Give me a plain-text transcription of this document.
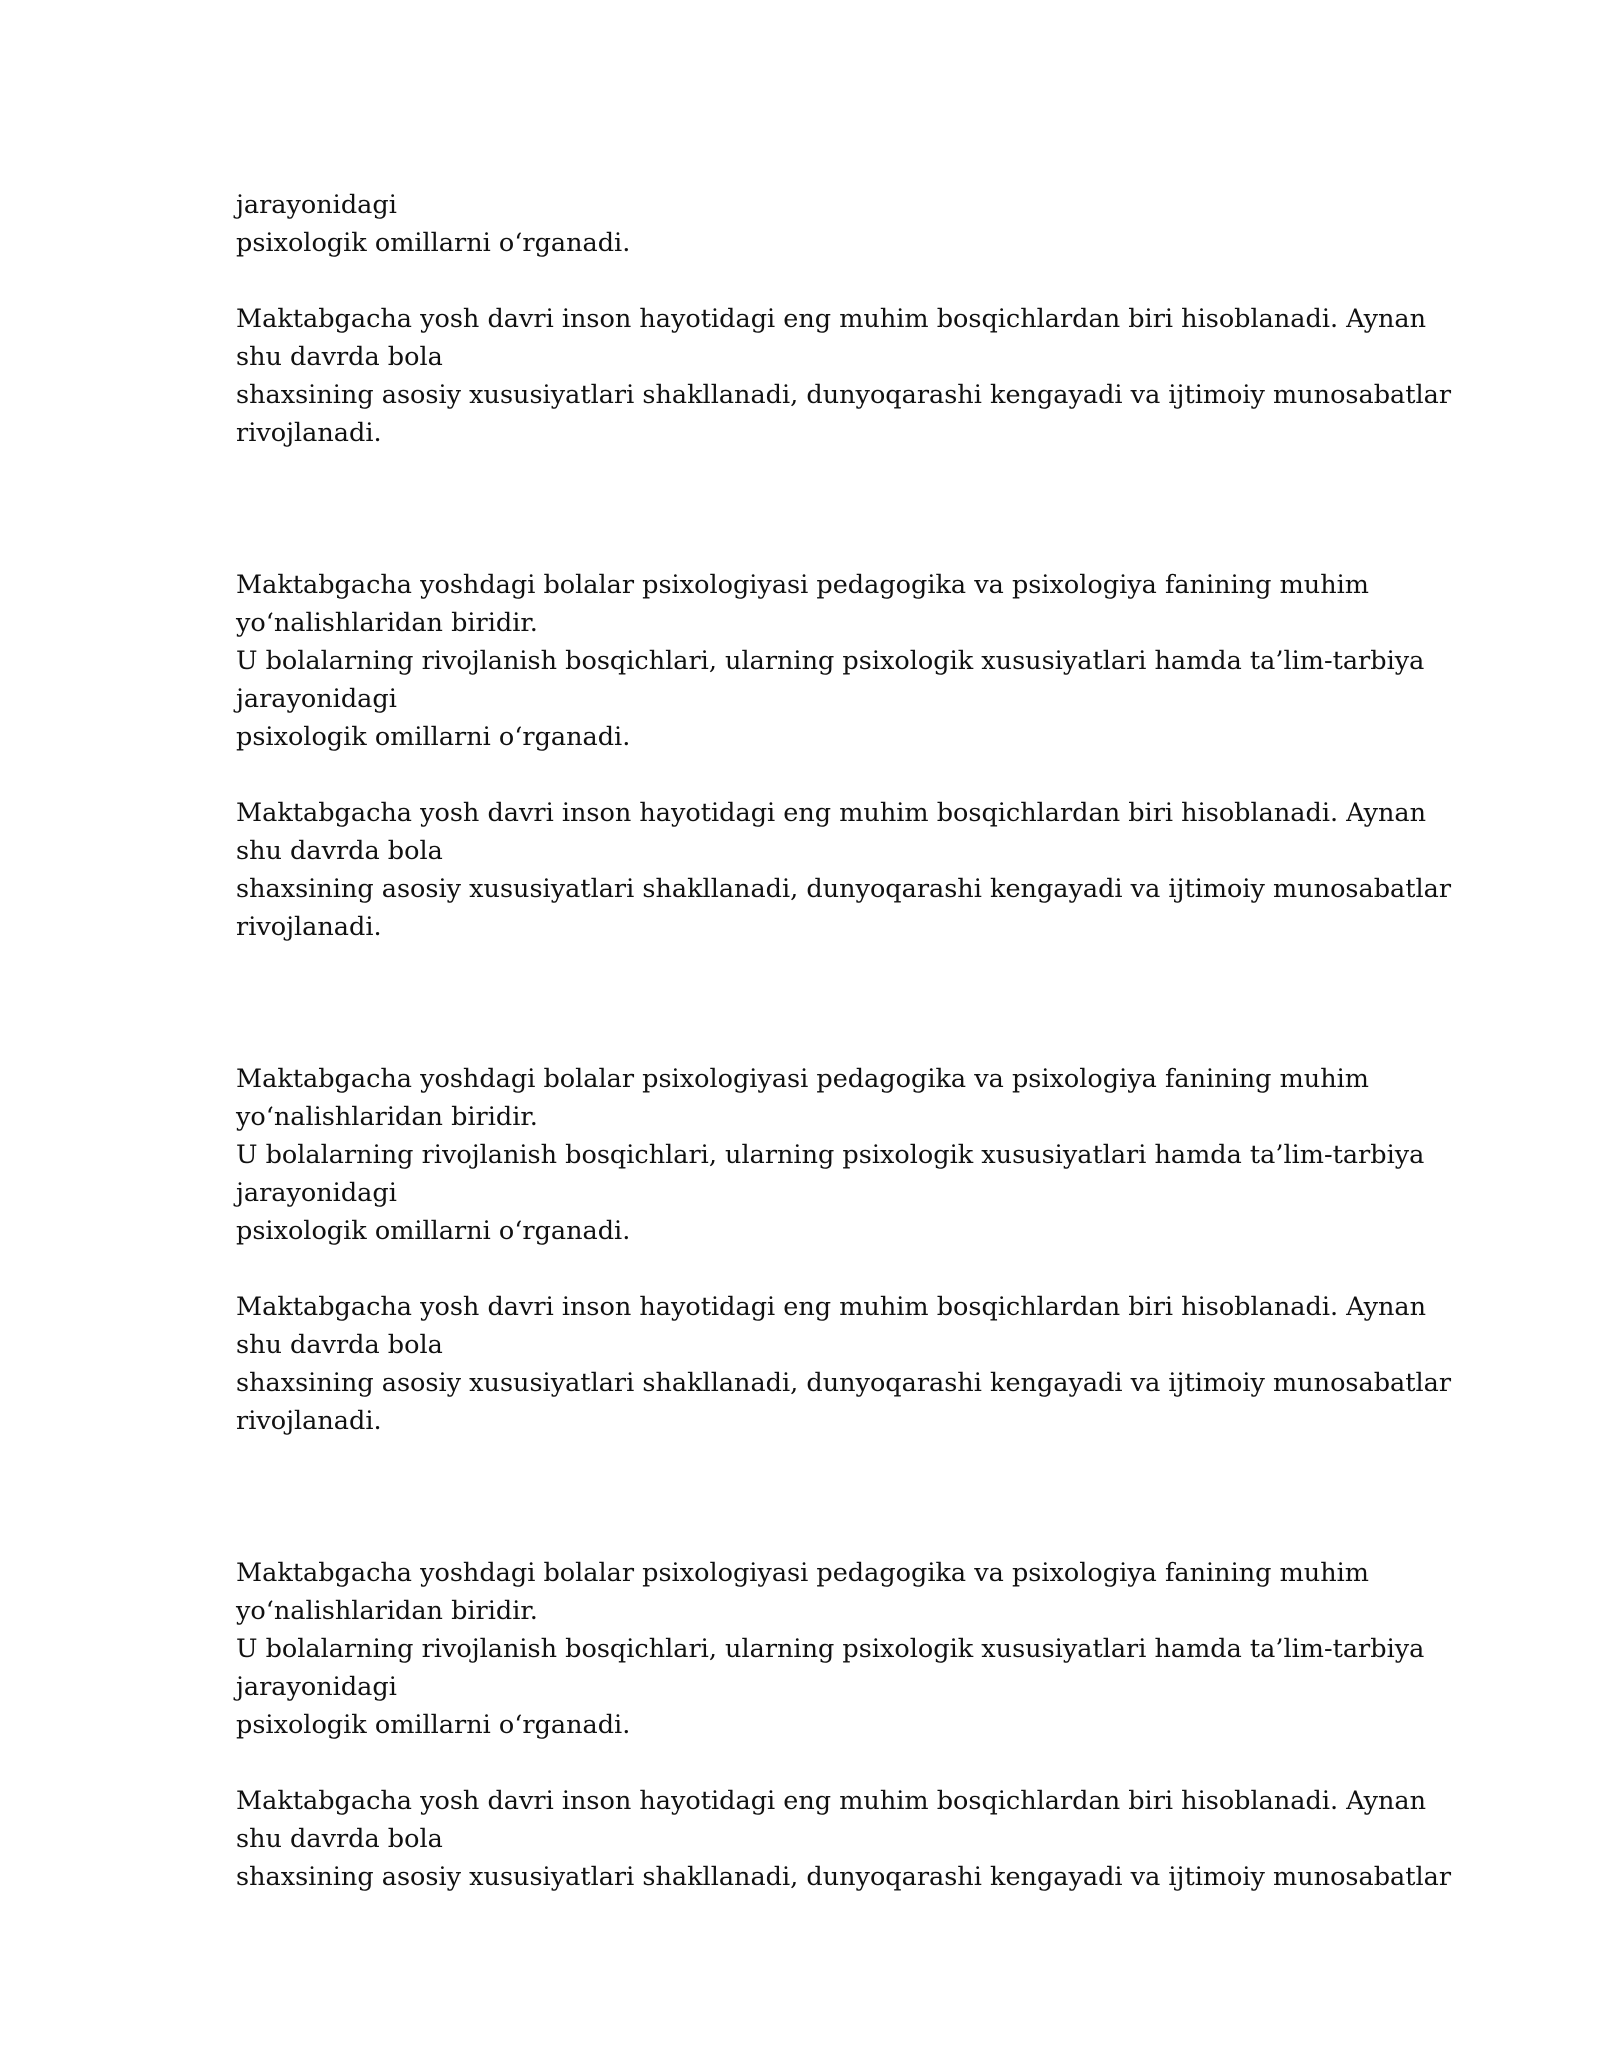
jarayonidagi
psixologik omillarni o‘rganadi.
Maktabgacha yosh davri inson hayotidagi eng muhim bosqichlardan biri hisoblanadi. Aynan
shu davrda bola
shaxsining asosiy xususiyatlari shakllanadi, dunyoqarashi kengayadi va ijtimoiy munosabatlar
rivojlanadi.
Maktabgacha yoshdagi bolalar psixologiyasi pedagogika va psixologiya fanining muhim
yo‘nalishlaridan biridir.
U bolalarning rivojlanish bosqichlari, ularning psixologik xususiyatlari hamda ta’lim-tarbiya
jarayonidagi
psixologik omillarni o‘rganadi.
Maktabgacha yosh davri inson hayotidagi eng muhim bosqichlardan biri hisoblanadi. Aynan
shu davrda bola
shaxsining asosiy xususiyatlari shakllanadi, dunyoqarashi kengayadi va ijtimoiy munosabatlar
rivojlanadi.
Maktabgacha yoshdagi bolalar psixologiyasi pedagogika va psixologiya fanining muhim
yo‘nalishlaridan biridir.
U bolalarning rivojlanish bosqichlari, ularning psixologik xususiyatlari hamda ta’lim-tarbiya
jarayonidagi
psixologik omillarni o‘rganadi.
Maktabgacha yosh davri inson hayotidagi eng muhim bosqichlardan biri hisoblanadi. Aynan
shu davrda bola
shaxsining asosiy xususiyatlari shakllanadi, dunyoqarashi kengayadi va ijtimoiy munosabatlar
rivojlanadi.
Maktabgacha yoshdagi bolalar psixologiyasi pedagogika va psixologiya fanining muhim
yo‘nalishlaridan biridir.
U bolalarning rivojlanish bosqichlari, ularning psixologik xususiyatlari hamda ta’lim-tarbiya
jarayonidagi
psixologik omillarni o‘rganadi.
Maktabgacha yosh davri inson hayotidagi eng muhim bosqichlardan biri hisoblanadi. Aynan
shu davrda bola
shaxsining asosiy xususiyatlari shakllanadi, dunyoqarashi kengayadi va ijtimoiy munosabatlar
